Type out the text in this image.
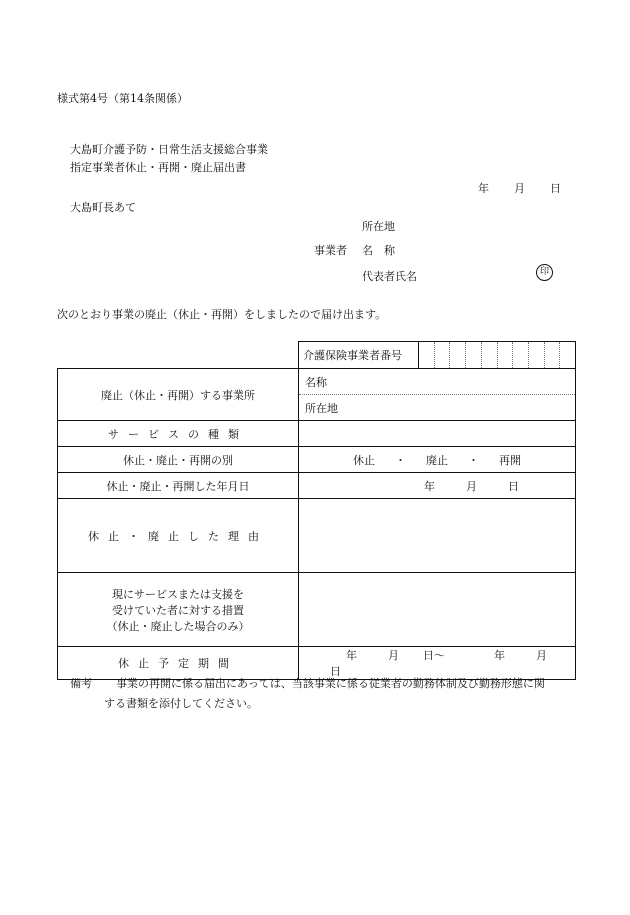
様式第4号（第14条関係）
大島町介護予防・日常生活支援総合事業
指定事業者休止・再開・廃止届出書
年 月 日
大島町長あて
所在地
事業者 名　称
代表者氏名	印
次のとおり事業の廃止（休止・再開）をしましたので届け出ます。

介護保険事業者番号

廃止（休止・再開）する事業所	名称
所在地

サービスの種類	
休止・廃止・再開の別	休止 ・ 廃止 ・ 再開
休止・廃止・再開した年月日	年 月 日
休止・廃止した理由	

現にサービスまたは支援を
受けていた者に対する措置
（休止・廃止した場合のみ）	

休止予定期間	年 月 日～ 年 月日
備考 事業の再開に係る届出にあっては、当該事業に係る従業者の勤務体制及び勤務形態に関
する書類を添付してください。
